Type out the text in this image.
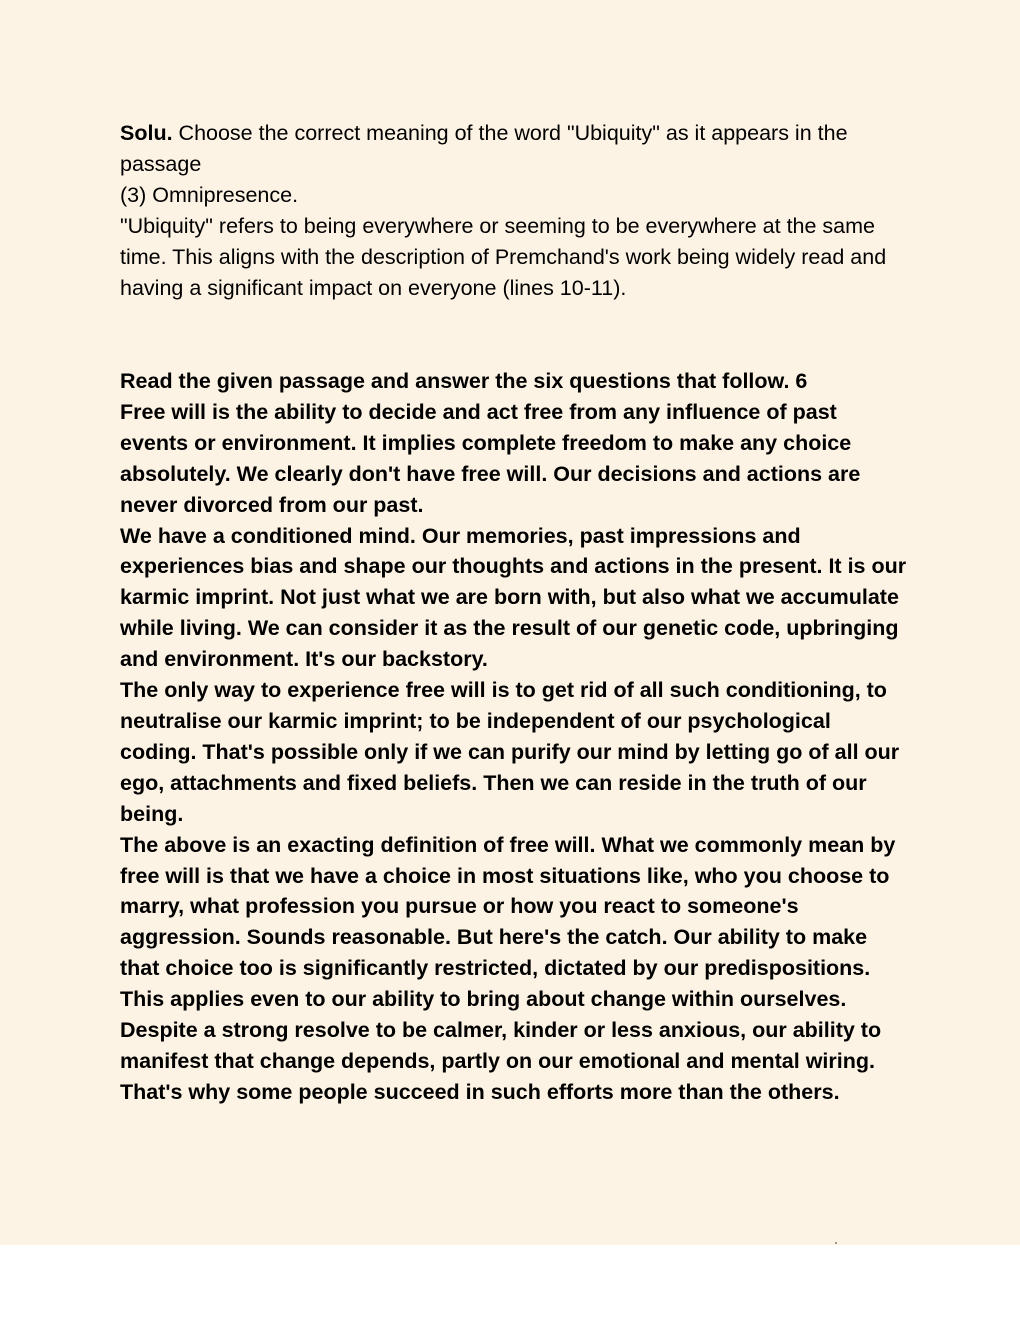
Solu. Choose the correct meaning of the word "Ubiquity" as it appears in the passage

(3) Omnipresence.

"Ubiquity" refers to being everywhere or seeming to be everywhere at the same time. This aligns with the description of Premchand's work being widely read and having a significant impact on everyone (lines 10-11).

Read the given passage and answer the six questions that follow. 6

Free will is the ability to decide and act free from any influence of past events or environment. It implies complete freedom to make any choice absolutely. We clearly don't have free will. Our decisions and actions are never divorced from our past.

We have a conditioned mind. Our memories, past impressions and experiences bias and shape our thoughts and actions in the present. It is our karmic imprint. Not just what we are born with, but also what we accumulate while living. We can consider it as the result of our genetic code, upbringing and environment. It's our backstory.

The only way to experience free will is to get rid of all such conditioning, to neutralise our karmic imprint; to be independent of our psychological coding. That's possible only if we can purify our mind by letting go of all our ego, attachments and fixed beliefs. Then we can reside in the truth of our being.

The above is an exacting definition of free will. What we commonly mean by free will is that we have a choice in most situations like, who you choose to marry, what profession you pursue or how you react to someone's aggression. Sounds reasonable. But here's the catch. Our ability to make that choice too is significantly restricted, dictated by our predispositions.

This applies even to our ability to bring about change within ourselves. Despite a strong resolve to be calmer, kinder or less anxious, our ability to manifest that change depends, partly on our emotional and mental wiring. That's why some people succeed in such efforts more than the others.
